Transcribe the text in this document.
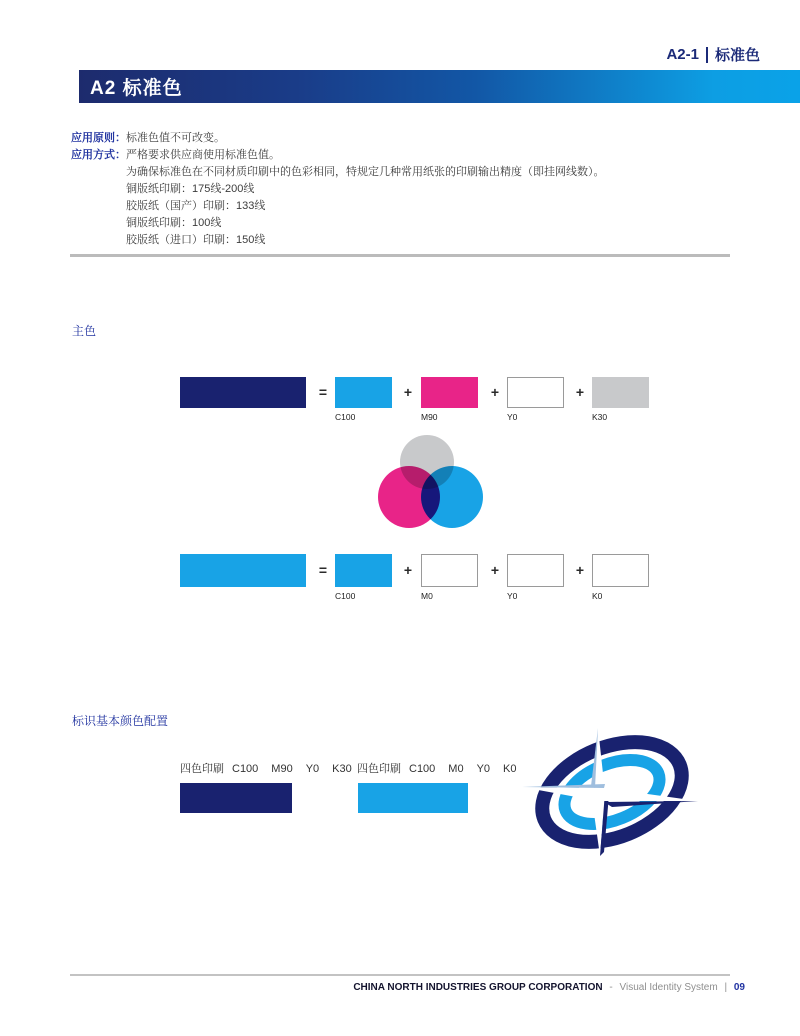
A2-1 标准色
A2 标准色
应用原则： 标准色值不可改变。
应用方式： 严格要求供应商使用标准色值。
为确保标准色在不同材质印刷中的色彩相同，特规定几种常用纸张的印刷输出精度（即挂网线数）。
铜版纸印刷：175线-200线
胶版纸（国产）印刷：133线
铜版纸印刷：100线
胶版纸（进口）印刷：150线
主色
=
C100
+
M90
+
Y0
+
K30
=
C100
+
M0
+
Y0
+
K0
标识基本颜色配置
四色印刷 C100 M90 Y0 K30 四色印刷 C100 M0 Y0 K0
CHINA NORTH INDUSTRIES GROUP CORPORATION - Visual Identity System | 09
